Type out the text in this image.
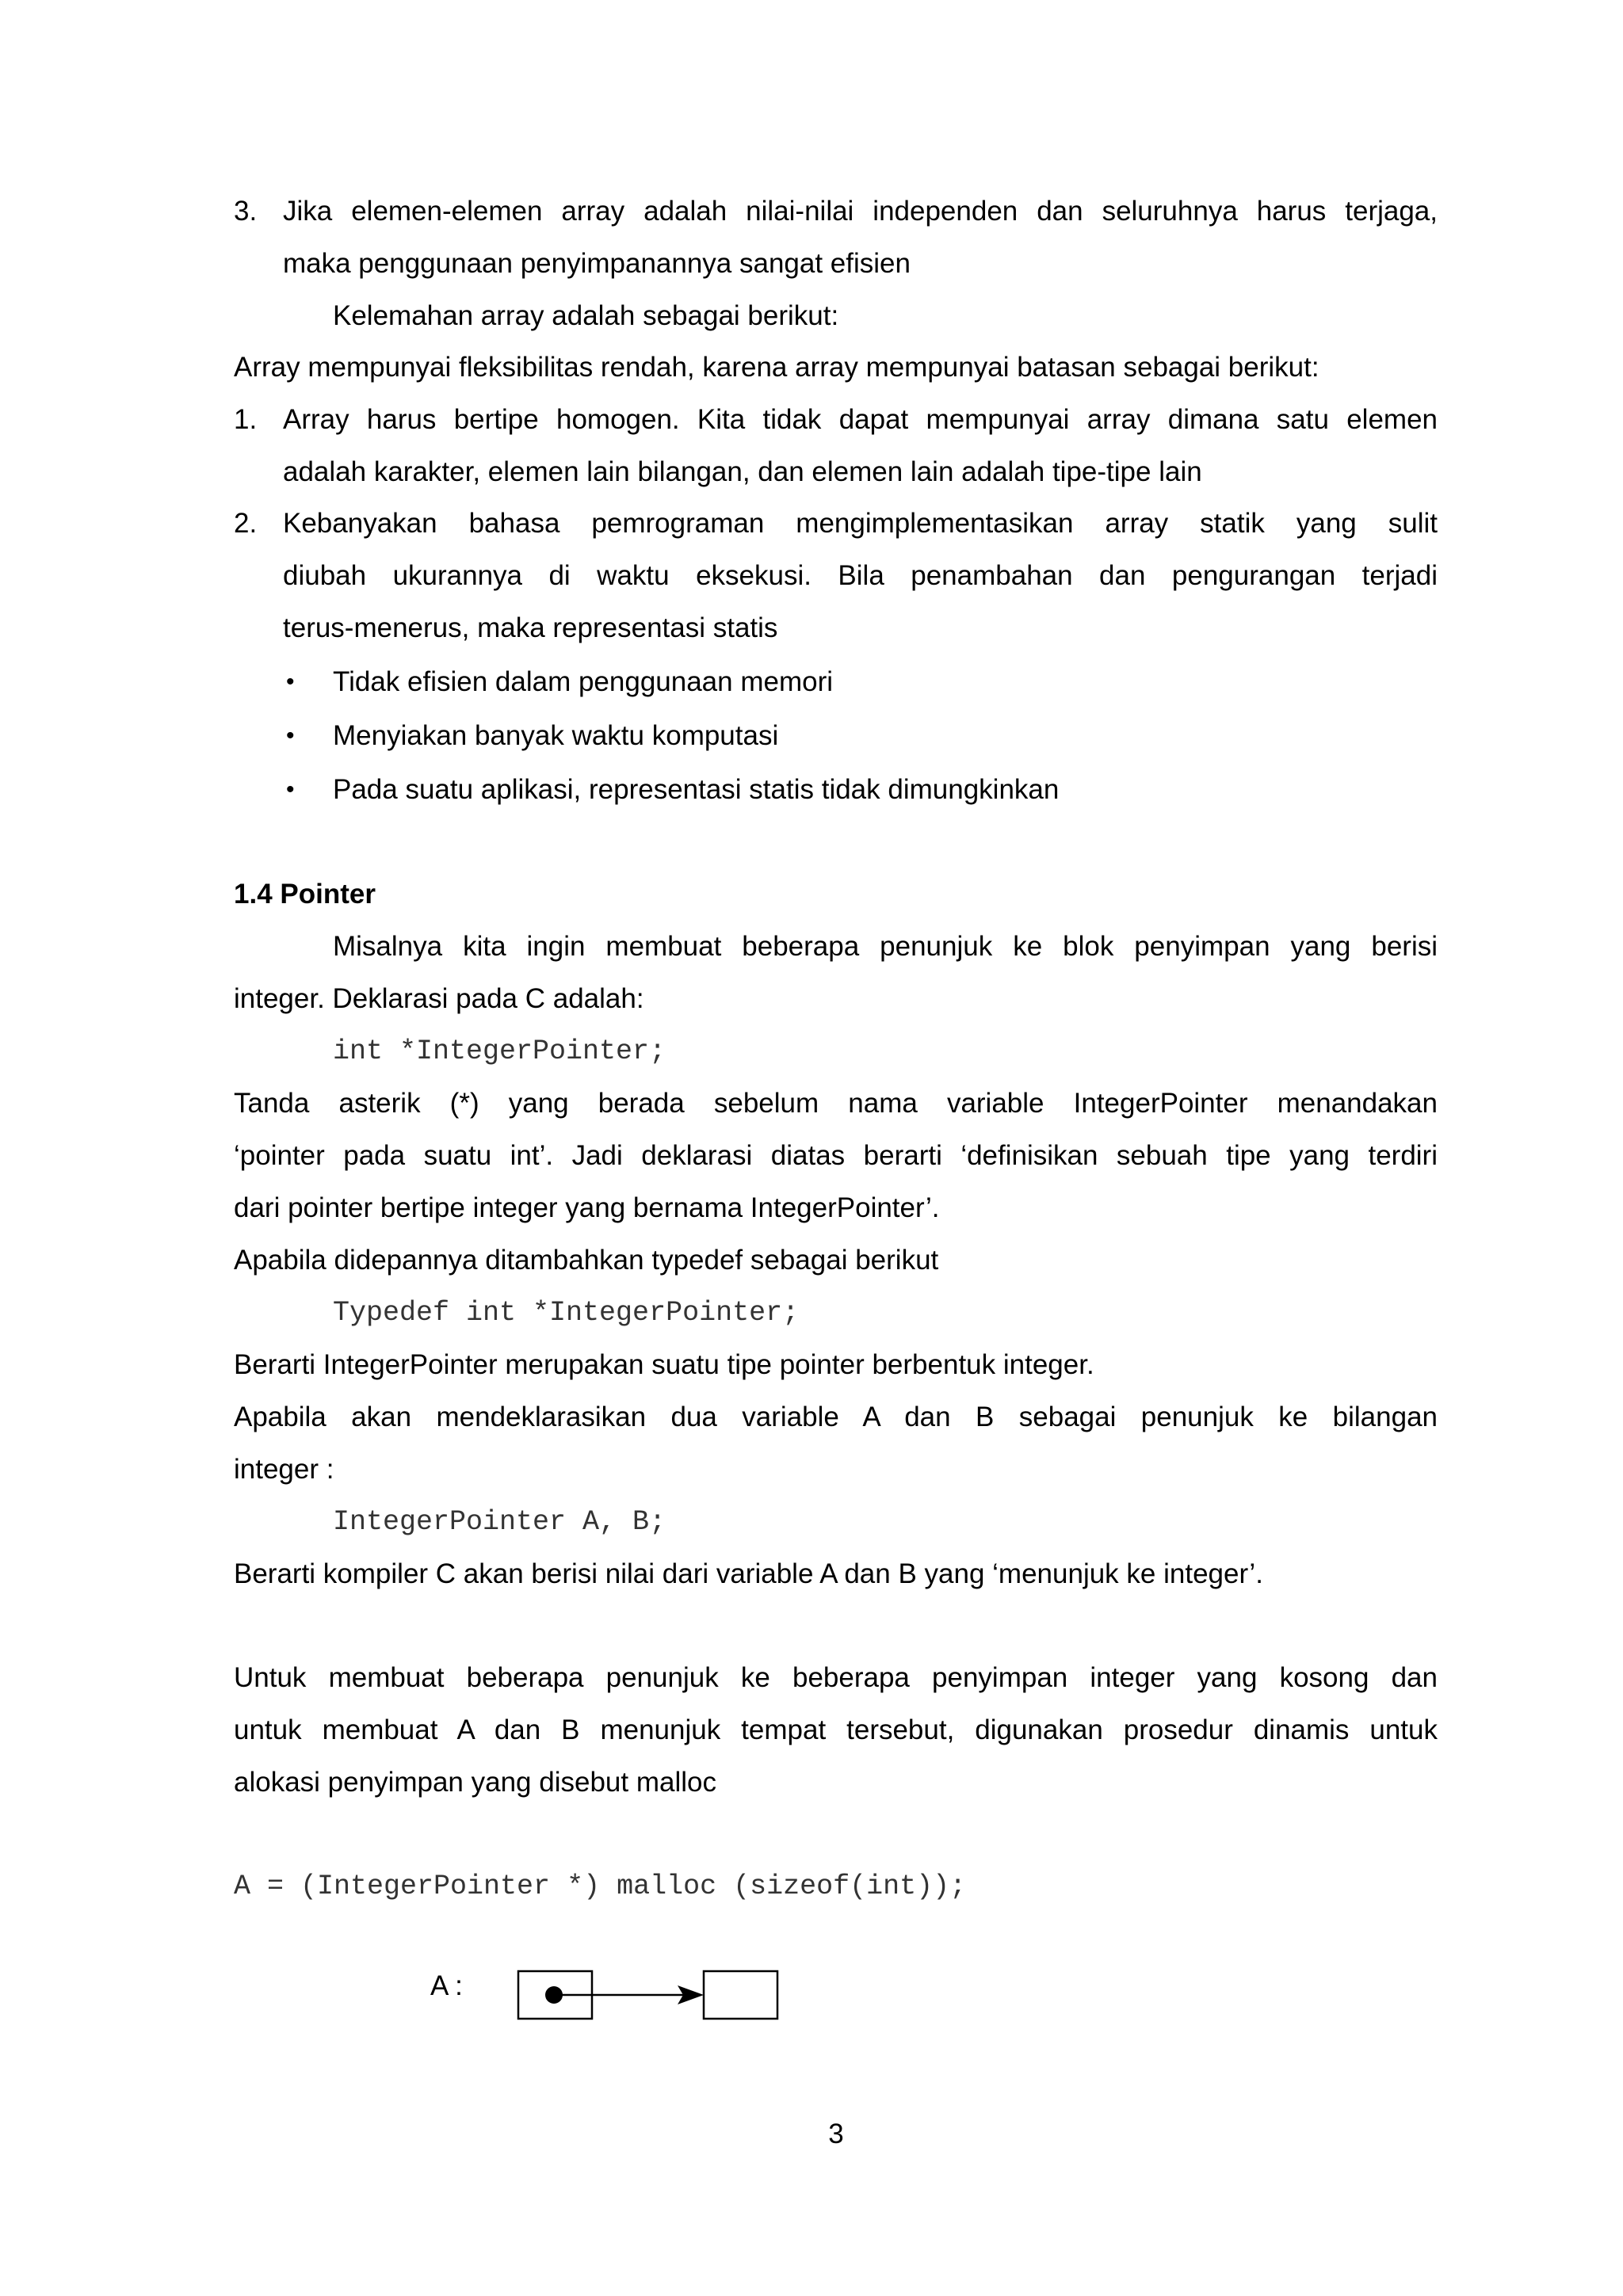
3. Jika elemen-elemen array adalah nilai-nilai independen dan seluruhnya harus terjaga,
maka penggunaan penyimpanannya sangat efisien
Kelemahan array adalah sebagai berikut:
Array mempunyai fleksibilitas rendah, karena array mempunyai batasan sebagai berikut:
1. Array harus bertipe homogen. Kita tidak dapat mempunyai array dimana satu elemen
adalah karakter, elemen lain bilangan, dan elemen lain adalah tipe-tipe lain
2. Kebanyakan bahasa pemrograman mengimplementasikan array statik yang sulit
diubah ukurannya di waktu eksekusi. Bila penambahan dan pengurangan terjadi
terus-menerus, maka representasi statis
• Tidak efisien dalam penggunaan memori
• Menyiakan banyak waktu komputasi
• Pada suatu aplikasi, representasi statis tidak dimungkinkan
1.4 Pointer
Misalnya kita ingin membuat beberapa penunjuk ke blok penyimpan yang berisi
integer. Deklarasi pada C adalah:
int *IntegerPointer;
Tanda asterik (*) yang berada sebelum nama variable IntegerPointer menandakan
‘pointer pada suatu int’. Jadi deklarasi diatas berarti ‘definisikan sebuah tipe yang terdiri
dari pointer bertipe integer yang bernama IntegerPointer’.
Apabila didepannya ditambahkan typedef sebagai berikut
Typedef int *IntegerPointer;
Berarti IntegerPointer merupakan suatu tipe pointer berbentuk integer.
Apabila akan mendeklarasikan dua variable A dan B sebagai penunjuk ke bilangan
integer :
IntegerPointer A, B;
Berarti kompiler C akan berisi nilai dari variable A dan B yang ‘menunjuk ke integer’.
Untuk membuat beberapa penunjuk ke beberapa penyimpan integer yang kosong dan
untuk membuat A dan B menunjuk tempat tersebut, digunakan prosedur dinamis untuk
alokasi penyimpan yang disebut malloc
A = (IntegerPointer *) malloc (sizeof(int));
A :
3
